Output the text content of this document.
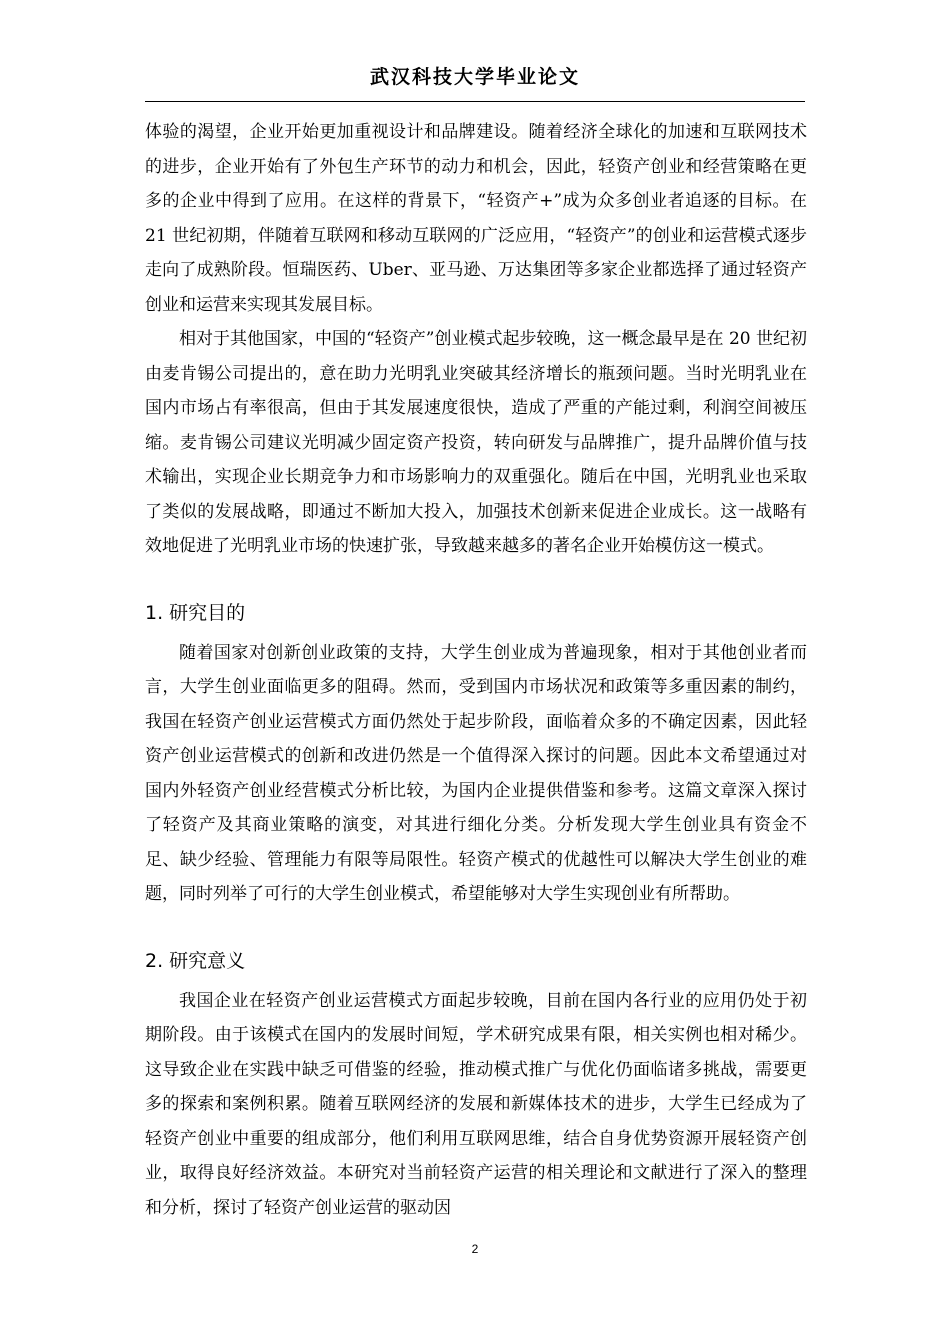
武汉科技大学毕业论文

体验的渴望，企业开始更加重视设计和品牌建设。随着经济全球化的加速和互联网技术的进步，企业开始有了外包生产环节的动力和机会，因此，轻资产创业和经营策略在更多的企业中得到了应用。在这样的背景下，“轻资产+”成为众多创业者追逐的目标。在 21 世纪初期，伴随着互联网和移动互联网的广泛应用，“轻资产”的创业和运营模式逐步走向了成熟阶段。恒瑞医药、Uber、亚马逊、万达集团等多家企业都选择了通过轻资产创业和运营来实现其发展目标。

相对于其他国家，中国的“轻资产”创业模式起步较晚，这一概念最早是在 20 世纪初由麦肯锡公司提出的，意在助力光明乳业突破其经济增长的瓶颈问题。当时光明乳业在国内市场占有率很高，但由于其发展速度很快，造成了严重的产能过剩，利润空间被压缩。麦肯锡公司建议光明减少固定资产投资，转向研发与品牌推广，提升品牌价值与技术输出，实现企业长期竞争力和市场影响力的双重强化。随后在中国，光明乳业也采取了类似的发展战略，即通过不断加大投入，加强技术创新来促进企业成长。这一战略有效地促进了光明乳业市场的快速扩张，导致越来越多的著名企业开始模仿这一模式。

1. 研究目的

随着国家对创新创业政策的支持，大学生创业成为普遍现象，相对于其他创业者而言，大学生创业面临更多的阻碍。然而，受到国内市场状况和政策等多重因素的制约，我国在轻资产创业运营模式方面仍然处于起步阶段，面临着众多的不确定因素，因此轻资产创业运营模式的创新和改进仍然是一个值得深入探讨的问题。因此本文希望通过对国内外轻资产创业经营模式分析比较，为国内企业提供借鉴和参考。这篇文章深入探讨了轻资产及其商业策略的演变，对其进行细化分类。分析发现大学生创业具有资金不足、缺少经验、管理能力有限等局限性。轻资产模式的优越性可以解决大学生创业的难题，同时列举了可行的大学生创业模式，希望能够对大学生实现创业有所帮助。

2. 研究意义

我国企业在轻资产创业运营模式方面起步较晚，目前在国内各行业的应用仍处于初期阶段。由于该模式在国内的发展时间短，学术研究成果有限，相关实例也相对稀少。这导致企业在实践中缺乏可借鉴的经验，推动模式推广与优化仍面临诸多挑战，需要更多的探索和案例积累。随着互联网经济的发展和新媒体技术的进步，大学生已经成为了轻资产创业中重要的组成部分，他们利用互联网思维，结合自身优势资源开展轻资产创业，取得良好经济效益。本研究对当前轻资产运营的相关理论和文献进行了深入的整理和分析，探讨了轻资产创业运营的驱动因

2
